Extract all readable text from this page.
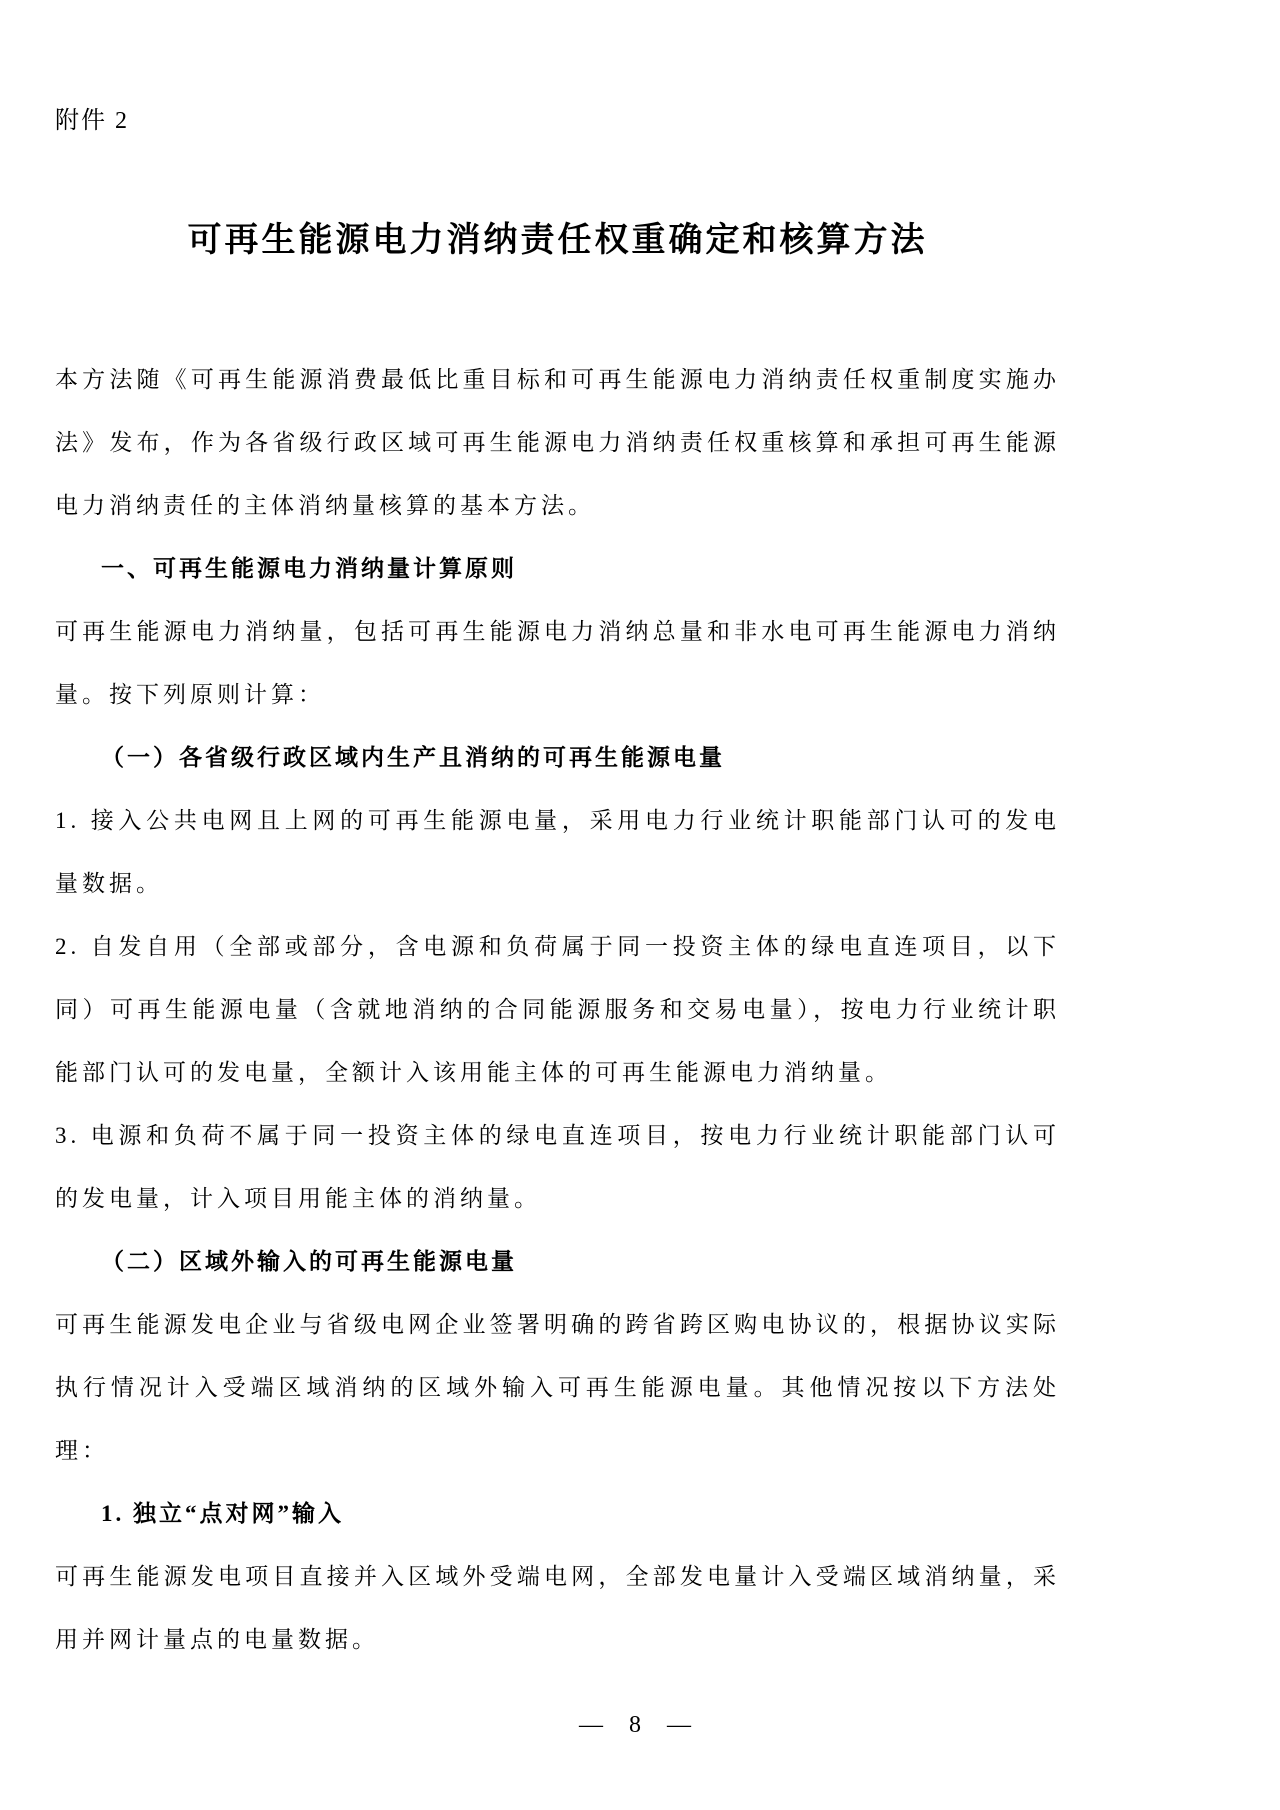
附件 2
可再生能源电力消纳责任权重确定和核算方法

本方法随《可再生能源消费最低比重目标和可再生能源电力消纳责任权重制度实施办法》发布，作为各省级行政区域可再生能源电力消纳责任权重核算和承担可再生能源电力消纳责任的主体消纳量核算的基本方法。

一、可再生能源电力消纳量计算原则

可再生能源电力消纳量，包括可再生能源电力消纳总量和非水电可再生能源电力消纳量。按下列原则计算：

（一）各省级行政区域内生产且消纳的可再生能源电量

1. 接入公共电网且上网的可再生能源电量，采用电力行业统计职能部门认可的发电量数据。

2. 自发自用（全部或部分，含电源和负荷属于同一投资主体的绿电直连项目，以下同）可再生能源电量（含就地消纳的合同能源服务和交易电量），按电力行业统计职能部门认可的发电量，全额计入该用能主体的可再生能源电力消纳量。

3. 电源和负荷不属于同一投资主体的绿电直连项目，按电力行业统计职能部门认可的发电量，计入项目用能主体的消纳量。

（二）区域外输入的可再生能源电量

可再生能源发电企业与省级电网企业签署明确的跨省跨区购电协议的，根据协议实际执行情况计入受端区域消纳的区域外输入可再生能源电量。其他情况按以下方法处理：

1. 独立“点对网”输入

可再生能源发电项目直接并入区域外受端电网，全部发电量计入受端区域消纳量，采用并网计量点的电量数据。

— 8 —
